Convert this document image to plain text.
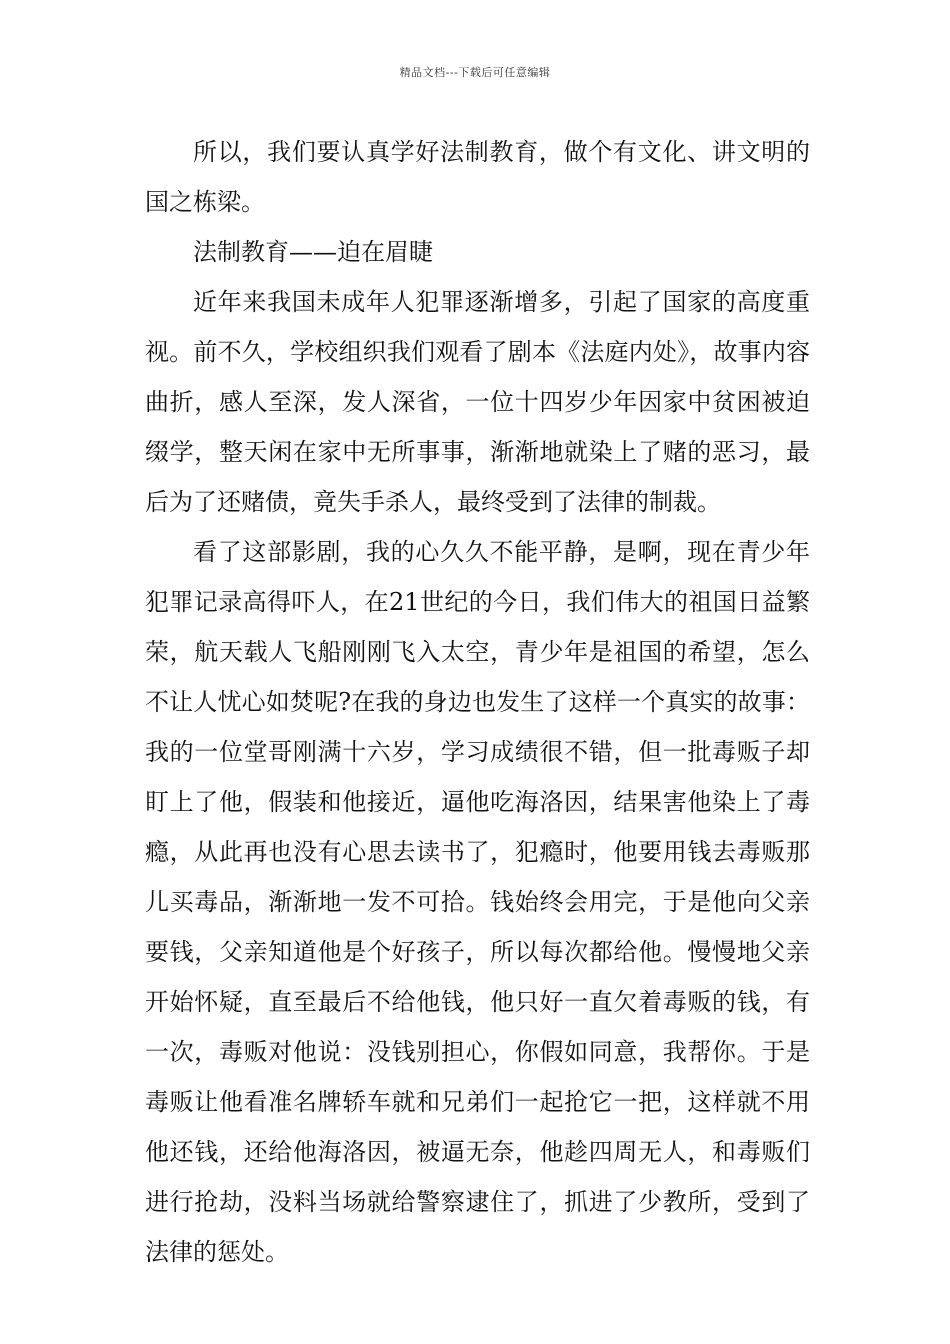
精品文档---下载后可任意编辑

所以，我们要认真学好法制教育，做个有文化、讲文明的国之栋梁。

法制教育——迫在眉睫

近年来我国未成年人犯罪逐渐增多，引起了国家的高度重视。前不久，学校组织我们观看了剧本《法庭内处》，故事内容曲折，感人至深，发人深省，一位十四岁少年因家中贫困被迫缀学，整天闲在家中无所事事，渐渐地就染上了赌的恶习，最后为了还赌债，竟失手杀人，最终受到了法律的制裁。

看了这部影剧，我的心久久不能平静，是啊，现在青少年犯罪记录高得吓人，在21世纪的今日，我们伟大的祖国日益繁荣，航天载人飞船刚刚飞入太空，青少年是祖国的希望，怎么不让人忧心如焚呢?在我的身边也发生了这样一个真实的故事：我的一位堂哥刚满十六岁，学习成绩很不错，但一批毒贩子却盯上了他，假装和他接近，逼他吃海洛因，结果害他染上了毒瘾，从此再也没有心思去读书了，犯瘾时，他要用钱去毒贩那儿买毒品，渐渐地一发不可拾。钱始终会用完，于是他向父亲要钱，父亲知道他是个好孩子，所以每次都给他。慢慢地父亲开始怀疑，直至最后不给他钱，他只好一直欠着毒贩的钱，有一次，毒贩对他说：没钱别担心，你假如同意，我帮你。于是毒贩让他看准名牌轿车就和兄弟们一起抢它一把，这样就不用他还钱，还给他海洛因，被逼无奈，他趁四周无人，和毒贩们进行抢劫，没料当场就给警察逮住了，抓进了少教所，受到了法律的惩处。
